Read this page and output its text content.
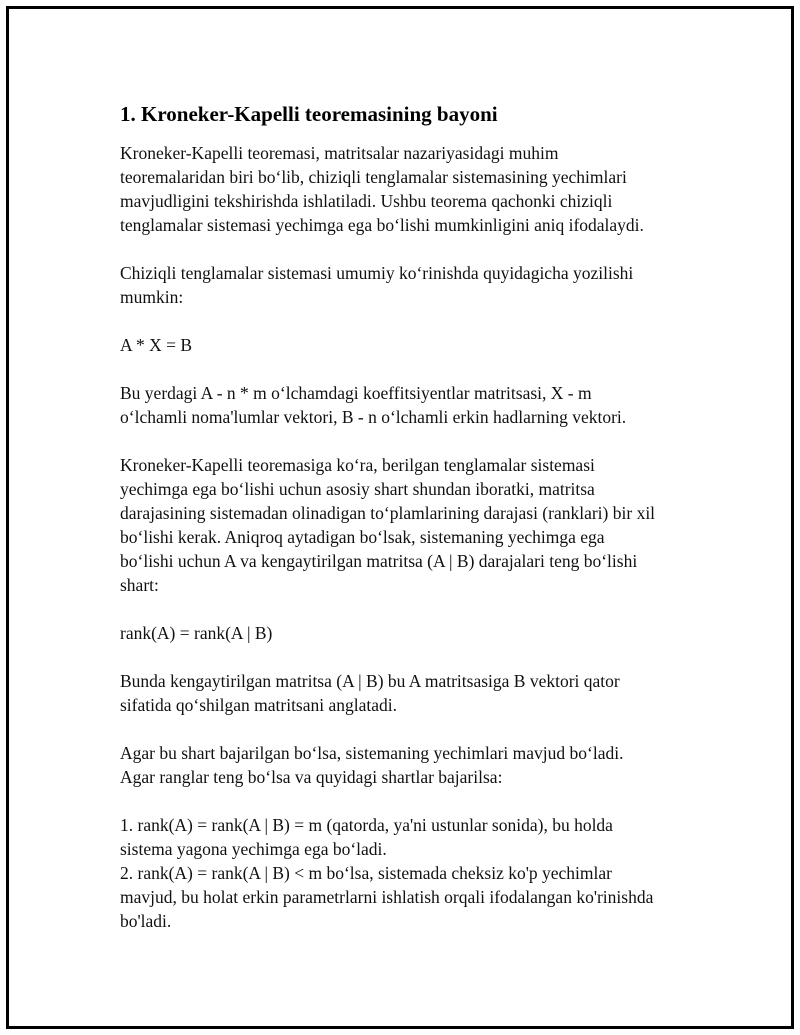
1. Kroneker-Kapelli teoremasining bayoni

Kroneker-Kapelli teoremasi, matritsalar nazariyasidagi muhim
teoremalaridan biri bo‘lib, chiziqli tenglamalar sistemasining yechimlari
mavjudligini tekshirishda ishlatiladi. Ushbu teorema qachonki chiziqli
tenglamalar sistemasi yechimga ega bo‘lishi mumkinligini aniq ifodalaydi.

Chiziqli tenglamalar sistemasi umumiy ko‘rinishda quyidagicha yozilishi
mumkin:

A * X = B

Bu yerdagi A - n * m o‘lchamdagi koeffitsiyentlar matritsasi, X - m
o‘lchamli noma'lumlar vektori, B - n o‘lchamli erkin hadlarning vektori.

Kroneker-Kapelli teoremasiga ko‘ra, berilgan tenglamalar sistemasi
yechimga ega bo‘lishi uchun asosiy shart shundan iboratki, matritsa
darajasining sistemadan olinadigan to‘plamlarining darajasi (ranklari) bir xil
bo‘lishi kerak. Aniqroq aytadigan bo‘lsak, sistemaning yechimga ega
bo‘lishi uchun A va kengaytirilgan matritsa (A | B) darajalari teng bo‘lishi
shart:

rank(A) = rank(A | B)

Bunda kengaytirilgan matritsa (A | B) bu A matritsasiga B vektori qator
sifatida qo‘shilgan matritsani anglatadi.

Agar bu shart bajarilgan bo‘lsa, sistemaning yechimlari mavjud bo‘ladi.
Agar ranglar teng bo‘lsa va quyidagi shartlar bajarilsa:

1. rank(A) = rank(A | B) = m (qatorda, ya'ni ustunlar sonida), bu holda
sistema yagona yechimga ega bo‘ladi.

2. rank(A) = rank(A | B) < m bo‘lsa, sistemada cheksiz ko'p yechimlar
mavjud, bu holat erkin parametrlarni ishlatish orqali ifodalangan ko'rinishda
bo'ladi.
